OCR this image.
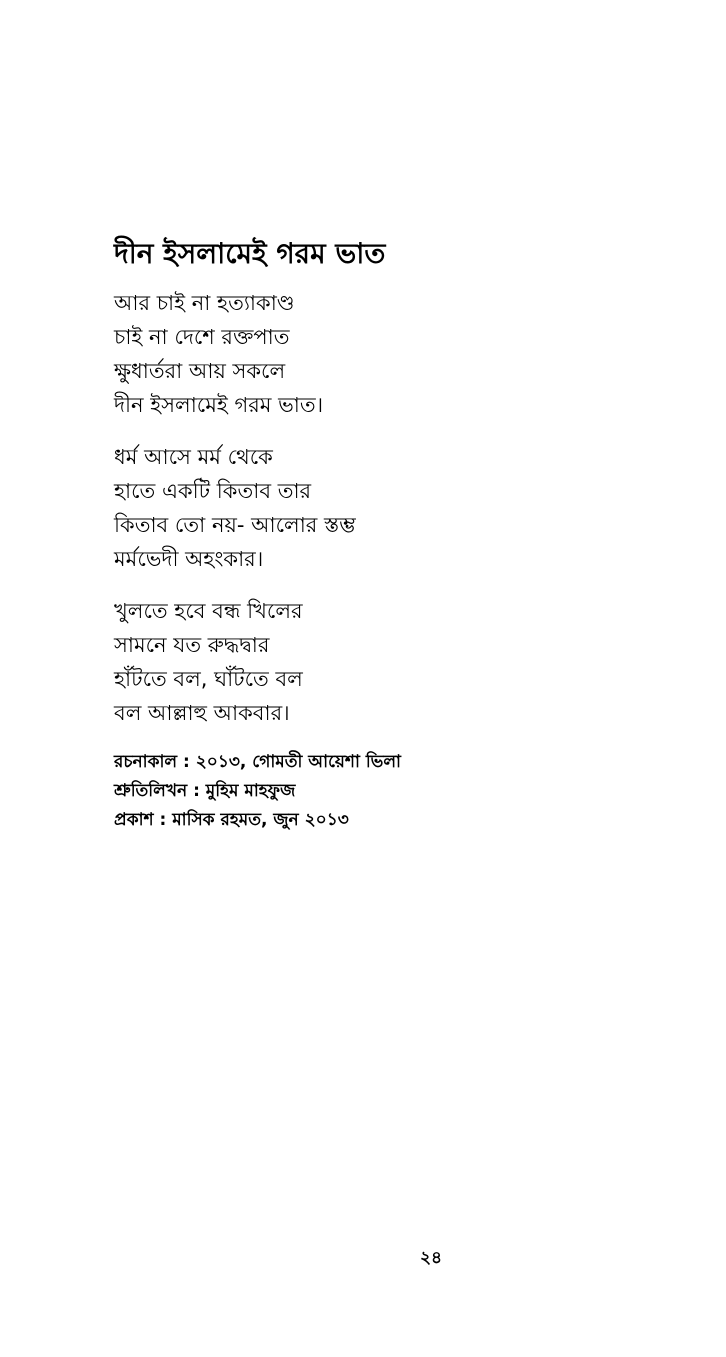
দীন ইসলামেই গরম ভাত
আর চাই না হত্যাকাণ্ড
চাই না দেশে রক্তপাত
ক্ষুধার্তরা আয় সকলে
দীন ইসলামেই গরম ভাত।
ধর্ম আসে মর্ম থেকে
হাতে একটি কিতাব তার
কিতাব তো নয়- আলোর স্তম্ভ
মর্মভেদী অহংকার।
খুলতে হবে বন্ধ খিলের
সামনে যত রুদ্ধদ্বার
হাঁটতে বল, ঘাঁটতে বল
বল আল্লাহু আকবার।
রচনাকাল : ২০১৩, গোমতী আয়েশা ভিলা
শ্রুতিলিখন : মুহিম মাহফুজ
প্রকাশ : মাসিক রহমত, জুন ২০১৩
২৪
